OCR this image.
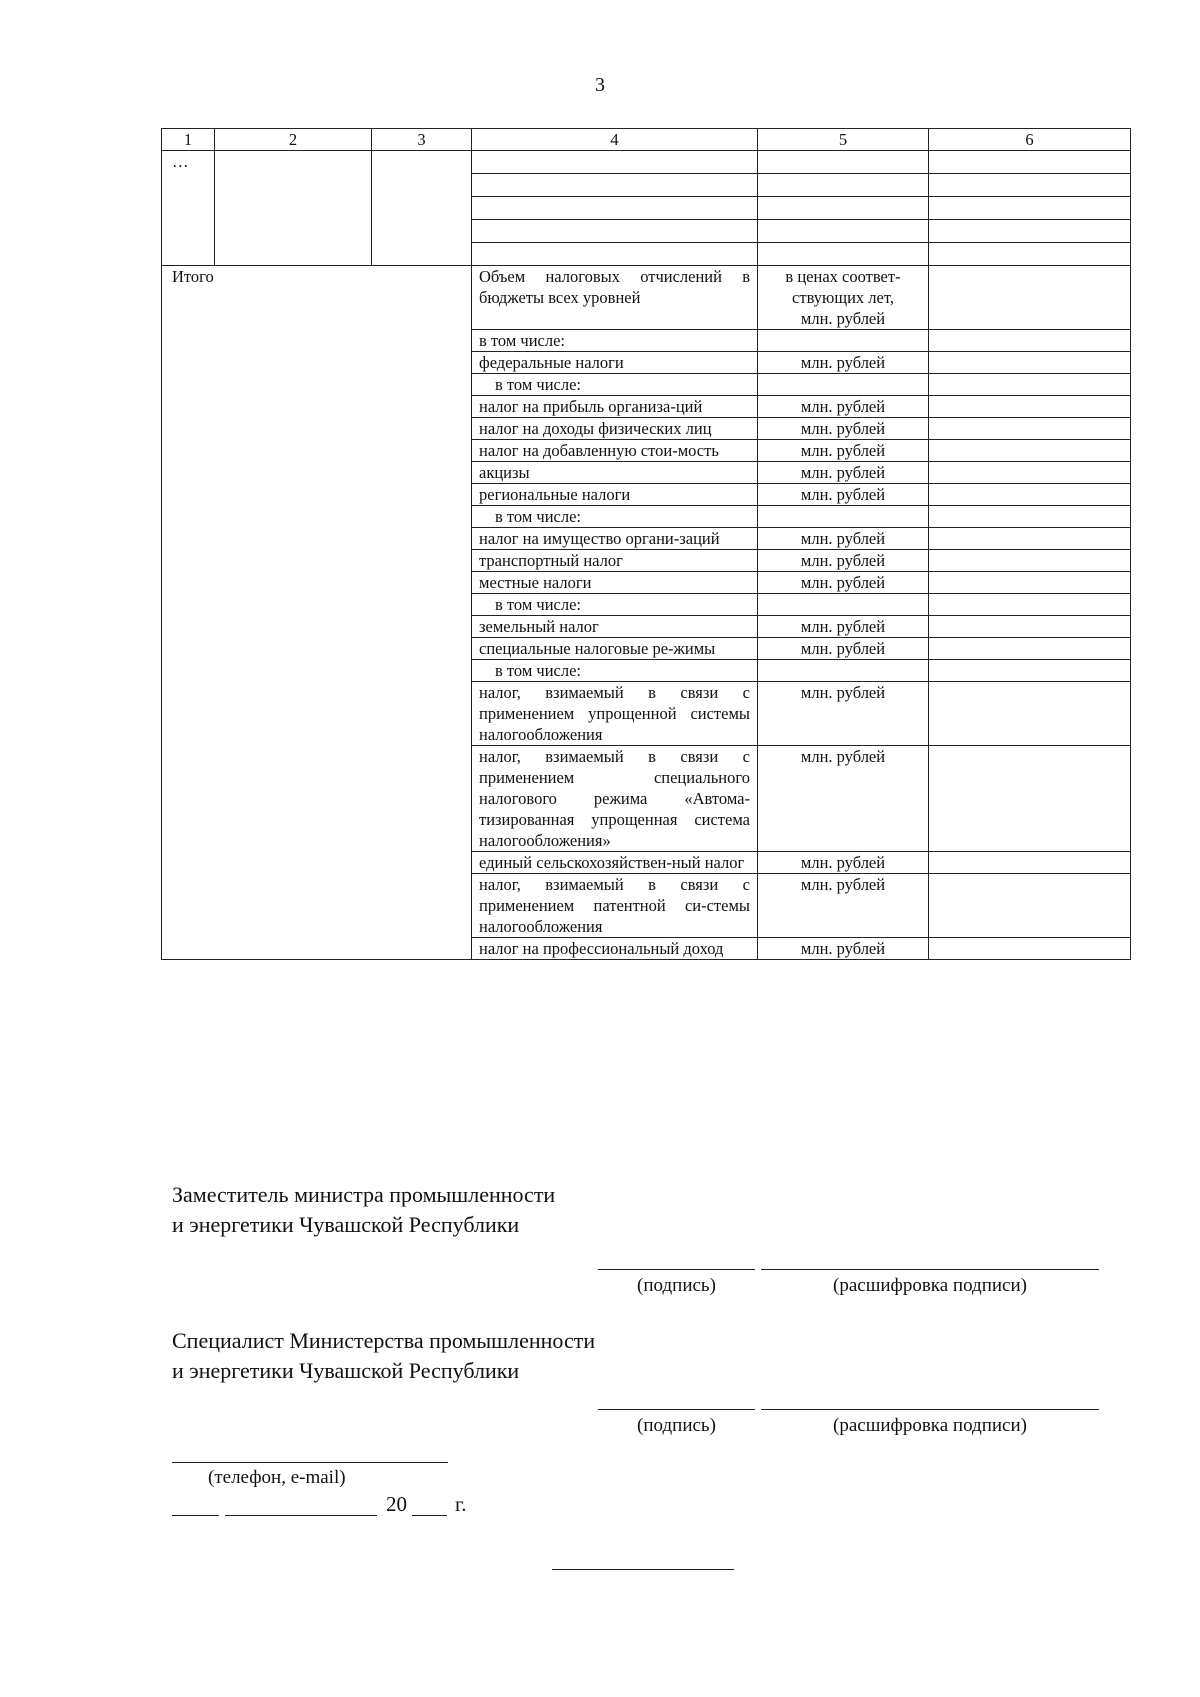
3
1	2	3	4	5	6
…					

Итого			Объем налоговых отчислений в бюджеты всех уровней	в ценах соответ-
ствующих лет,
млн. рублей	

			в том числе:		
			федеральные налоги	млн. рублей	
			в том числе:		
			налог на прибыль организа-ций	млн. рублей	
			налог на доходы физических лиц	млн. рублей	
			налог на добавленную стои-мость	млн. рублей	
			акцизы	млн. рублей	
			региональные налоги	млн. рублей	
			в том числе:		
			налог на имущество органи-заций	млн. рублей	
			транспортный налог	млн. рублей	
			местные налоги	млн. рублей	
			в том числе:		
			земельный налог	млн. рублей	
			специальные налоговые ре-жимы	млн. рублей	
			в том числе:		
			налог, взимаемый в связи с применением упрощенной системы налогообложения	млн. рублей	
			налог, взимаемый в связи с применением специального налогового режима «Автома-тизированная упрощенная система налогообложения»	млн. рублей	
			единый сельскохозяйствен-ный налог	млн. рублей	
			налог, взимаемый в связи с применением патентной си-стемы налогообложения	млн. рублей	
			налог на профессиональный доход	млн. рублей	
Заместитель министра промышленности
и энергетики Чувашской Республики
(подпись)	(расшифровка подписи)
Специалист Министерства промышленности
и энергетики Чувашской Республики
(подпись)	(расшифровка подписи)
(телефон, e-mail)
20 г.
